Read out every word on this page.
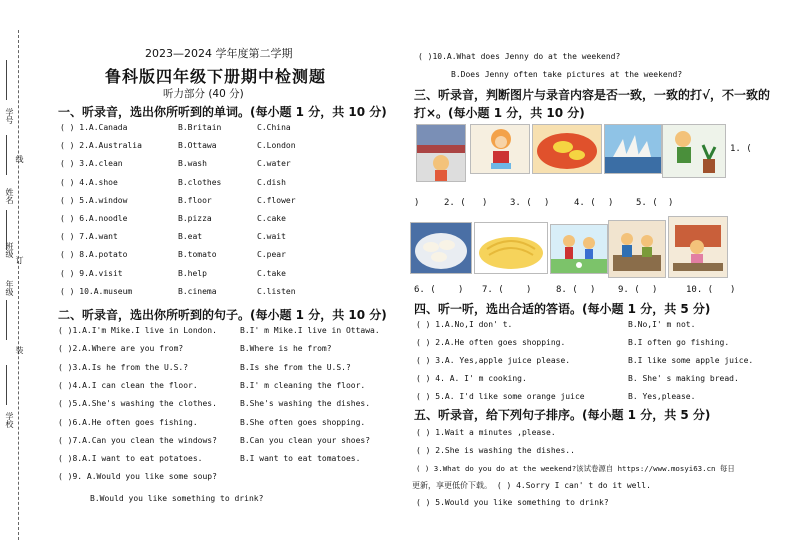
学号
姓名
线
班级
订
年级
装
学校
2023—2024 学年度第二学期
鲁科版四年级下册期中检测题
听力部分 (40 分)
一、听录音，选出你所听到的单词。(每小题 1 分，共 10 分)
( ) 1.A.Canada	B.Britain	C.China
( ) 2.A.Australia	B.Ottawa	C.London
( ) 3.A.clean	B.wash	C.water
( ) 4.A.shoe	B.clothes	C.dish
( ) 5.A.window	B.floor	C.flower
( ) 6.A.noodle	B.pizza	C.cake
( ) 7.A.want	B.eat	C.wait
( ) 8.A.potato	B.tomato	C.pear
( ) 9.A.visit	B.help	C.take
( ) 10.A.museum	B.cinema	C.listen
二、听录音，选出你所听到的句子。(每小题 1 分，共 10 分)
( )1.A.I'm Mike.I live in London.	B.I' m Mike.I live in Ottawa.
( )2.A.Where are you from?	B.Where is he from?
( )3.A.Is he from the U.S.?	B.Is she from the U.S.?
( )4.A.I can clean the floor.	B.I' m cleaning the floor.
( )5.A.She's washing the clothes.	B.She's washing the dishes.
( )6.A.He often goes fishing.	B.She often goes shopping.
( )7.A.Can you clean the windows?	B.Can you clean your shoes?
( )8.A.I want to eat potatoes.	B.I want to eat tomatoes.
( )9. A.Would you like some soup?
B.Would you like something to drink?
( )10.A.What does Jenny do at the weekend?
B.Does Jenny often take pictures at the weekend?
三、听录音，判断图片与录音内容是否一致，一致的打√，不一致的
打×。(每小题 1 分，共 10 分)
1. (
)	2. ( )	3. ( )	4. ( )	5. ( )
6. ( ) 7. ( )	8. ( )	9. ( )	10. ( )
四、听一听，选出合适的答语。(每小题 1 分，共 5 分)
( ) 1.A.No,I don' t.	B.No,I' m not.
( ) 2.A.He often goes shopping.	B.I often go fishing.
( ) 3.A. Yes,apple juice please.	B.I like some apple juice.
( ) 4. A. I' m cooking.	B. She' s making bread.
( ) 5.A. I'd like some orange juice	B. Yes,please.
五、听录音，给下列句子排序。(每小题 1 分，共 5 分)
( ) 1.Wait a minutes ,please.
( ) 2.She is washing the dishes..
( ) 3.What do you do at the weekend?该试卷源自 https://www.mosyi63.cn 每日
更新，享更低价下载。 ( ) 4.Sorry I can' t do it well.
( ) 5.Would you like something to drink?
